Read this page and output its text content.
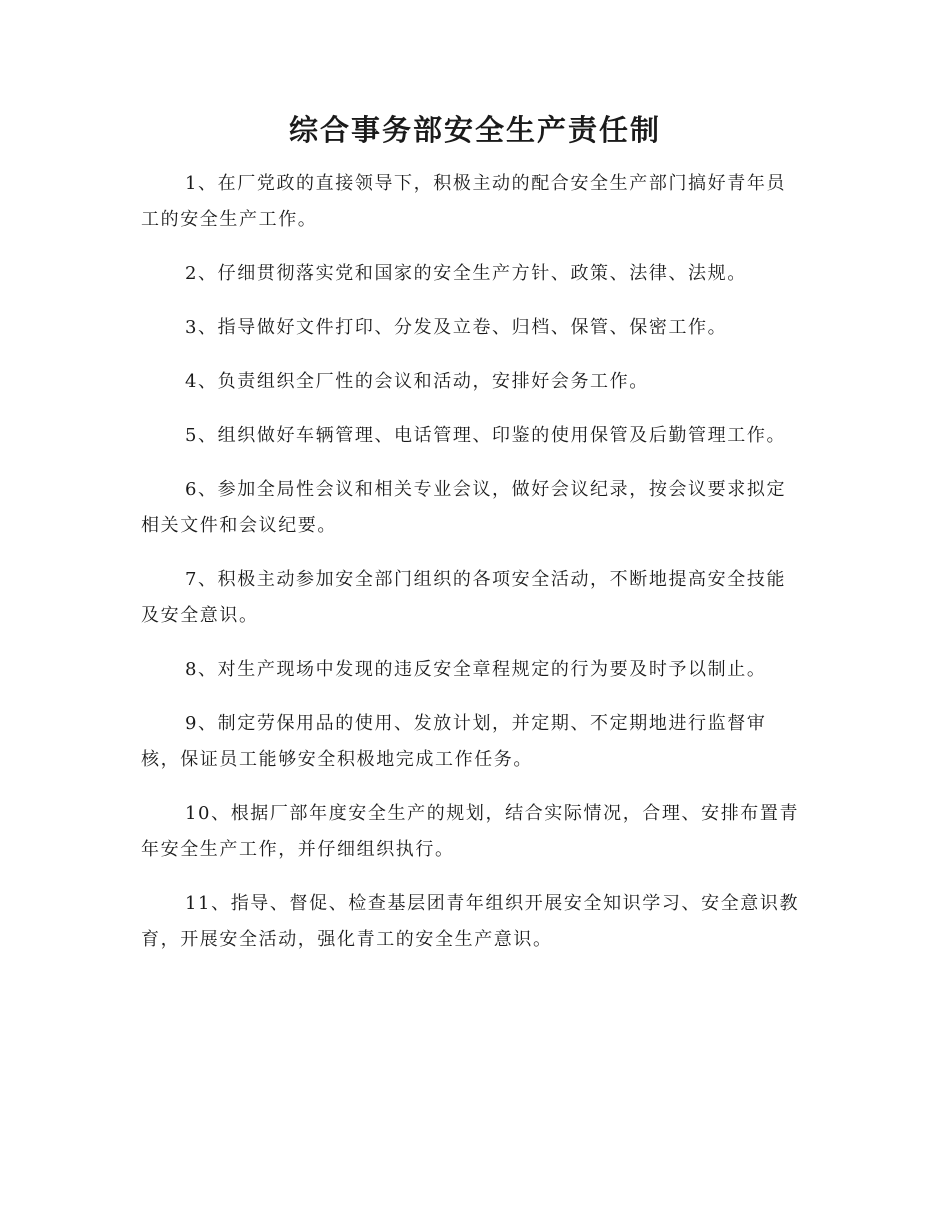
综合事务部安全生产责任制

1、在厂党政的直接领导下，积极主动的配合安全生产部门搞好青年员工的安全生产工作。

2、仔细贯彻落实党和国家的安全生产方针、政策、法律、法规。

3、指导做好文件打印、分发及立卷、归档、保管、保密工作。

4、负责组织全厂性的会议和活动，安排好会务工作。

5、组织做好车辆管理、电话管理、印鉴的使用保管及后勤管理工作。

6、参加全局性会议和相关专业会议，做好会议纪录，按会议要求拟定相关文件和会议纪要。

7、积极主动参加安全部门组织的各项安全活动，不断地提高安全技能及安全意识。

8、对生产现场中发现的违反安全章程规定的行为要及时予以制止。

9、制定劳保用品的使用、发放计划，并定期、不定期地进行监督审核，保证员工能够安全积极地完成工作任务。

10、根据厂部年度安全生产的规划，结合实际情况，合理、安排布置青年安全生产工作，并仔细组织执行。

11、指导、督促、检查基层团青年组织开展安全知识学习、安全意识教育，开展安全活动，强化青工的安全生产意识。
